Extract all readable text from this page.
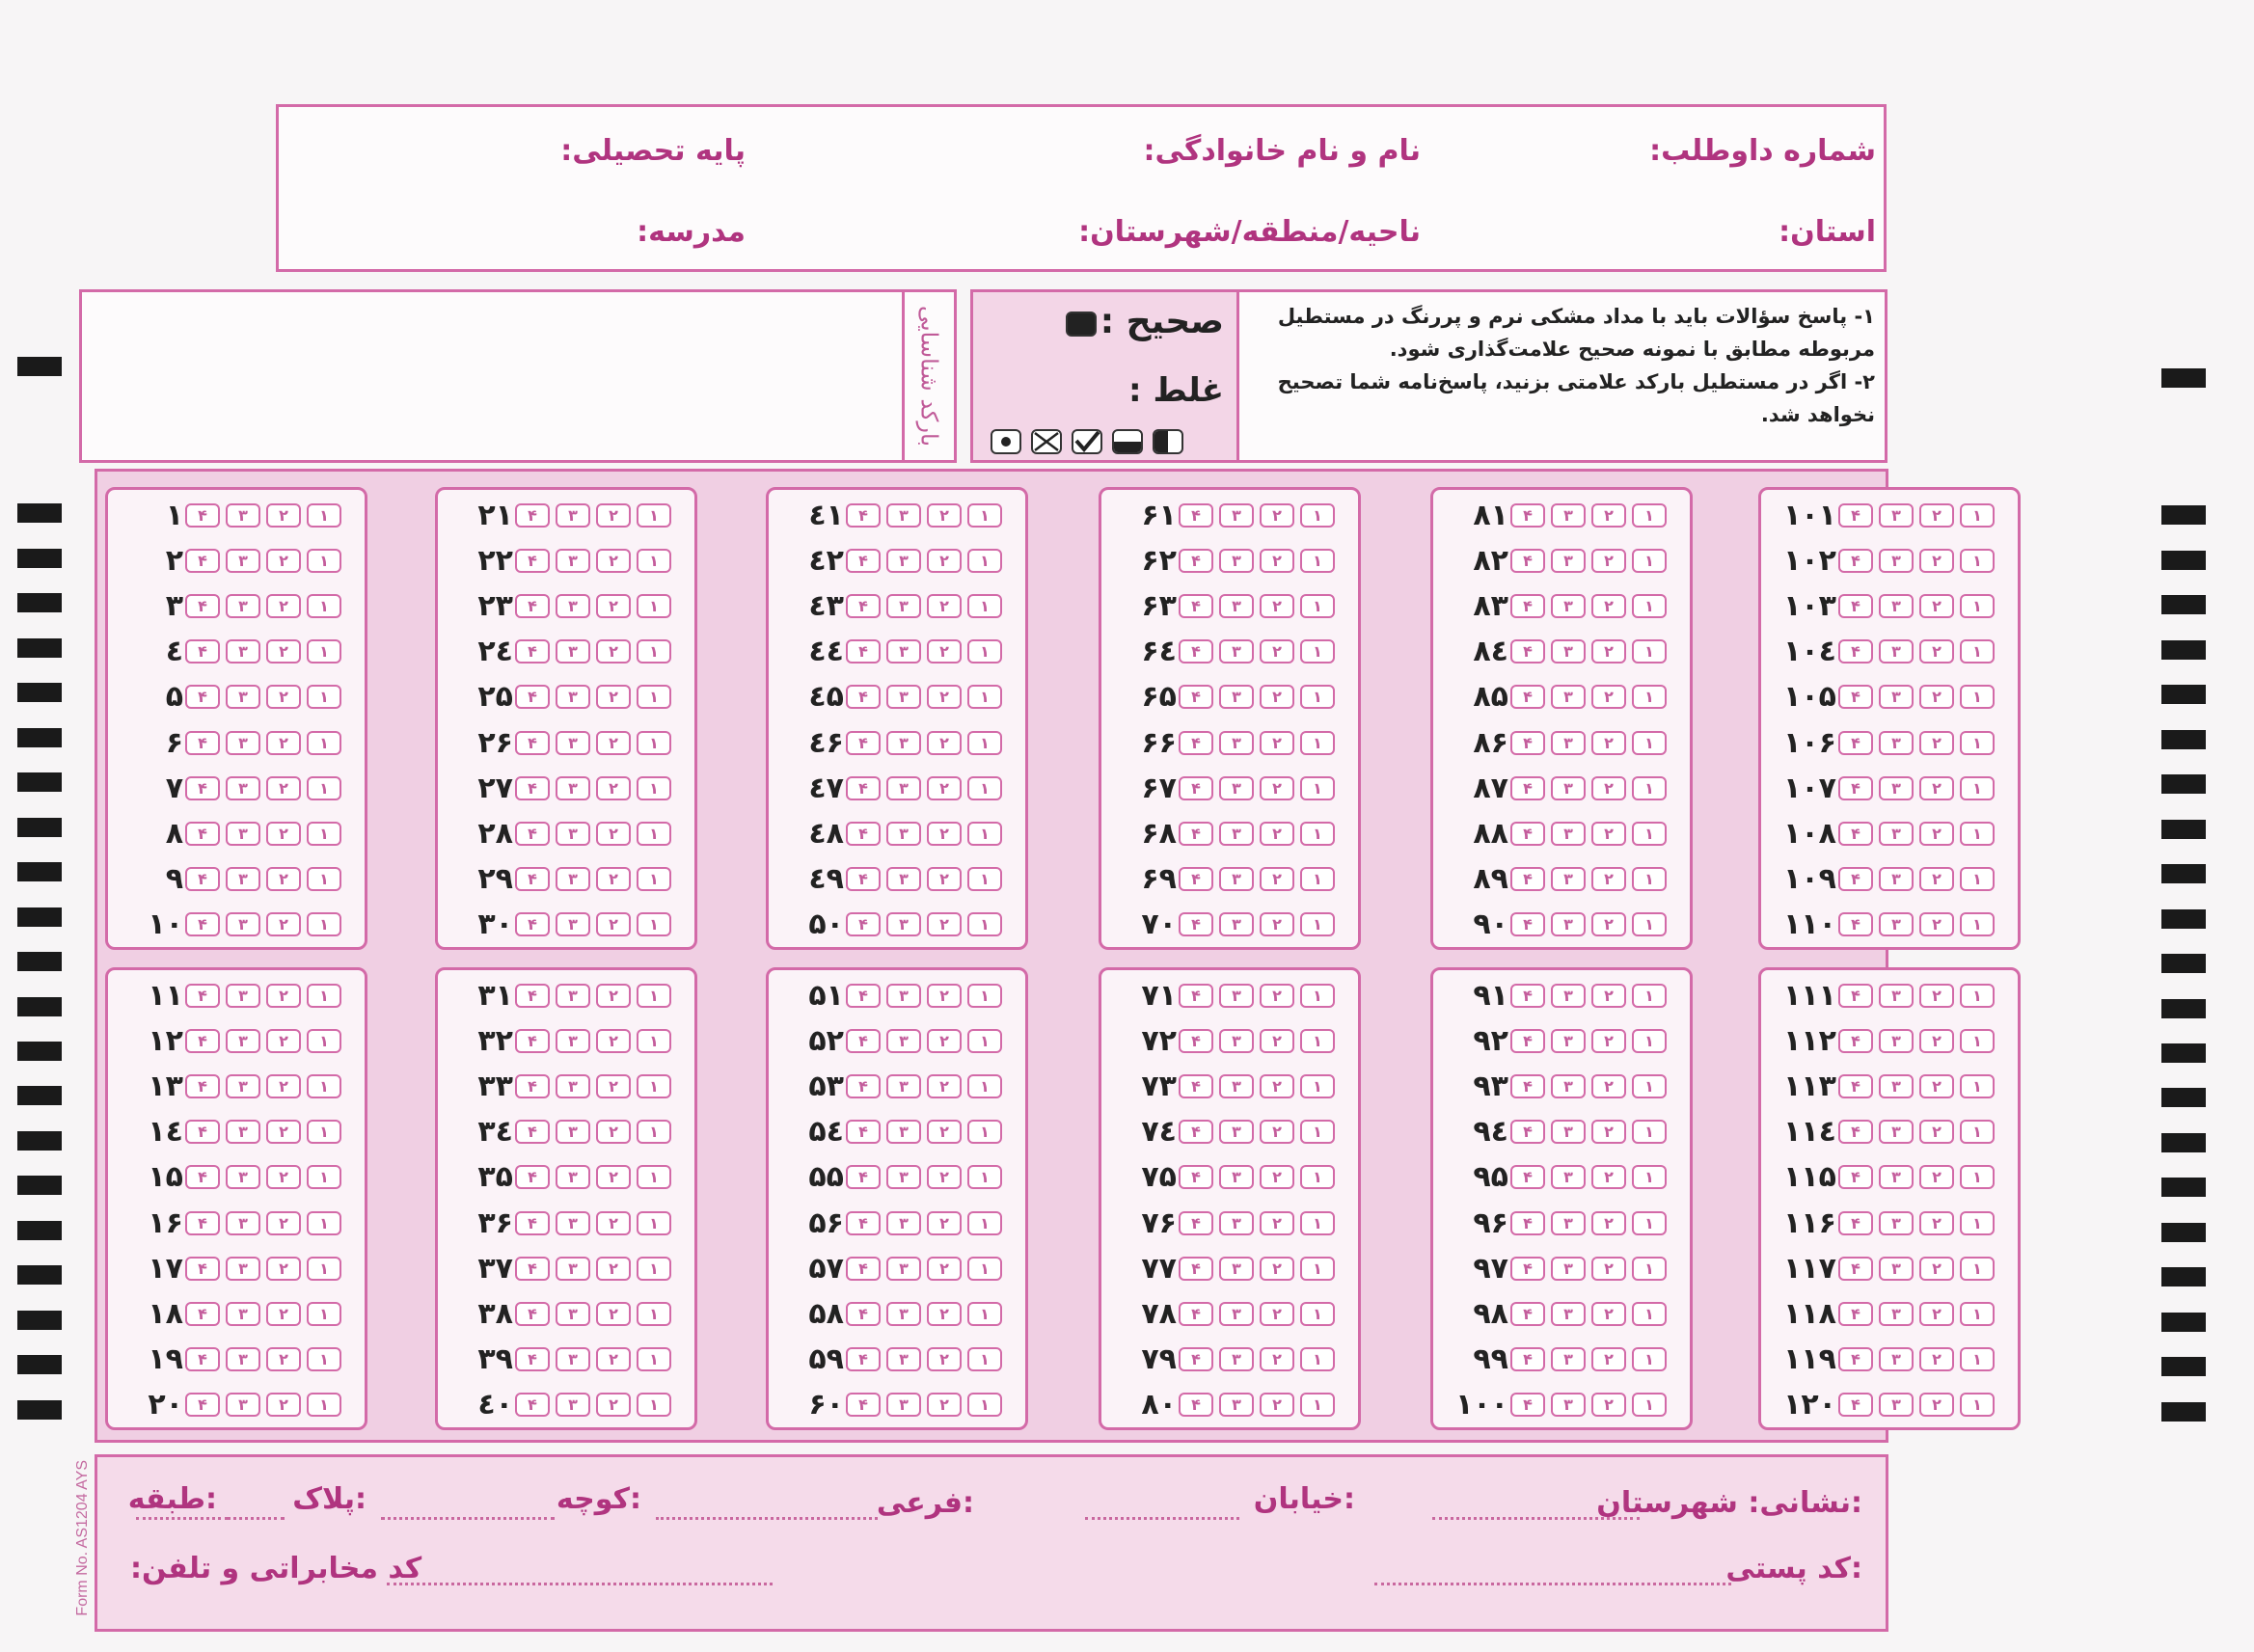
شماره داوطلب:
نام و نام خانوادگی:
پایه تحصیلی:
استان:
ناحیه/منطقه/شهرستان:
مدرسه:
بارکد شناسایی	صحیح :
غلط :

۱- پاسخ سؤالات باید با مداد مشکی نرم و پررنگ در مستطیل مربوطه مطابق با نمونه صحیح علامت‌گذاری شود.

۲- اگر در مستطیل بارکد علامتی بزنید، پاسخ‌نامه شما تصحیح نخواهد شد.

۱ ۴	۳	۲	۱
۲ ۴	۳	۲	۱
۳ ۴	۳	۲	۱
٤ ۴	۳	۲	۱
۵ ۴	۳	۲	۱
۶ ۴	۳	۲	۱
۷ ۴	۳	۲	۱
۸ ۴	۳	۲	۱
۹ ۴	۳	۲	۱
۱۰ ۴	۳	۲	۱
۲۱ ۴	۳	۲	۱
۲۲ ۴	۳	۲	۱
۲۳ ۴	۳	۲	۱
۲٤ ۴	۳	۲	۱
۲۵ ۴	۳	۲	۱
۲۶ ۴	۳	۲	۱
۲۷ ۴	۳	۲	۱
۲۸ ۴	۳	۲	۱
۲۹ ۴	۳	۲	۱
۳۰ ۴	۳	۲	۱
٤۱ ۴	۳	۲	۱
٤۲ ۴	۳	۲	۱
٤۳ ۴	۳	۲	۱
٤٤ ۴	۳	۲	۱
٤۵ ۴	۳	۲	۱
٤۶ ۴	۳	۲	۱
٤۷ ۴	۳	۲	۱
٤۸ ۴	۳	۲	۱
٤۹ ۴	۳	۲	۱
۵۰ ۴	۳	۲	۱
۶۱ ۴	۳	۲	۱
۶۲ ۴	۳	۲	۱
۶۳ ۴	۳	۲	۱
۶٤ ۴	۳	۲	۱
۶۵ ۴	۳	۲	۱
۶۶ ۴	۳	۲	۱
۶۷ ۴	۳	۲	۱
۶۸ ۴	۳	۲	۱
۶۹ ۴	۳	۲	۱
۷۰ ۴	۳	۲	۱
۸۱ ۴	۳	۲	۱
۸۲ ۴	۳	۲	۱
۸۳ ۴	۳	۲	۱
۸٤ ۴	۳	۲	۱
۸۵ ۴	۳	۲	۱
۸۶ ۴	۳	۲	۱
۸۷ ۴	۳	۲	۱
۸۸ ۴	۳	۲	۱
۸۹ ۴	۳	۲	۱
۹۰ ۴	۳	۲	۱
۱۰۱ ۴	۳	۲	۱
۱۰۲ ۴	۳	۲	۱
۱۰۳ ۴	۳	۲	۱
۱۰٤ ۴	۳	۲	۱
۱۰۵ ۴	۳	۲	۱
۱۰۶ ۴	۳	۲	۱
۱۰۷ ۴	۳	۲	۱
۱۰۸ ۴	۳	۲	۱
۱۰۹ ۴	۳	۲	۱
۱۱۰ ۴	۳	۲	۱
۱۱ ۴	۳	۲	۱
۱۲ ۴	۳	۲	۱
۱۳ ۴	۳	۲	۱
۱٤ ۴	۳	۲	۱
۱۵ ۴	۳	۲	۱
۱۶ ۴	۳	۲	۱
۱۷ ۴	۳	۲	۱
۱۸ ۴	۳	۲	۱
۱۹ ۴	۳	۲	۱
۲۰ ۴	۳	۲	۱
۳۱ ۴	۳	۲	۱
۳۲ ۴	۳	۲	۱
۳۳ ۴	۳	۲	۱
۳٤ ۴	۳	۲	۱
۳۵ ۴	۳	۲	۱
۳۶ ۴	۳	۲	۱
۳۷ ۴	۳	۲	۱
۳۸ ۴	۳	۲	۱
۳۹ ۴	۳	۲	۱
٤۰ ۴	۳	۲	۱
۵۱ ۴	۳	۲	۱
۵۲ ۴	۳	۲	۱
۵۳ ۴	۳	۲	۱
۵٤ ۴	۳	۲	۱
۵۵ ۴	۳	۲	۱
۵۶ ۴	۳	۲	۱
۵۷ ۴	۳	۲	۱
۵۸ ۴	۳	۲	۱
۵۹ ۴	۳	۲	۱
۶۰ ۴	۳	۲	۱
۷۱ ۴	۳	۲	۱
۷۲ ۴	۳	۲	۱
۷۳ ۴	۳	۲	۱
۷٤ ۴	۳	۲	۱
۷۵ ۴	۳	۲	۱
۷۶ ۴	۳	۲	۱
۷۷ ۴	۳	۲	۱
۷۸ ۴	۳	۲	۱
۷۹ ۴	۳	۲	۱
۸۰ ۴	۳	۲	۱
۹۱ ۴	۳	۲	۱
۹۲ ۴	۳	۲	۱
۹۳ ۴	۳	۲	۱
۹٤ ۴	۳	۲	۱
۹۵ ۴	۳	۲	۱
۹۶ ۴	۳	۲	۱
۹۷ ۴	۳	۲	۱
۹۸ ۴	۳	۲	۱
۹۹ ۴	۳	۲	۱
۱۰۰ ۴	۳	۲	۱
۱۱۱ ۴	۳	۲	۱
۱۱۲ ۴	۳	۲	۱
۱۱۳ ۴	۳	۲	۱
۱۱٤ ۴	۳	۲	۱
۱۱۵ ۴	۳	۲	۱
۱۱۶ ۴	۳	۲	۱
۱۱۷ ۴	۳	۲	۱
۱۱۸ ۴	۳	۲	۱
۱۱۹ ۴	۳	۲	۱
۱۲۰ ۴	۳	۲	۱
نشانی: شهرستان:
خیابان:
فرعی:
کوچه:
پلاک:
طبقه:
کد پستی:
:کد مخابراتی و تلفن
Form No. AS1204 AYS
